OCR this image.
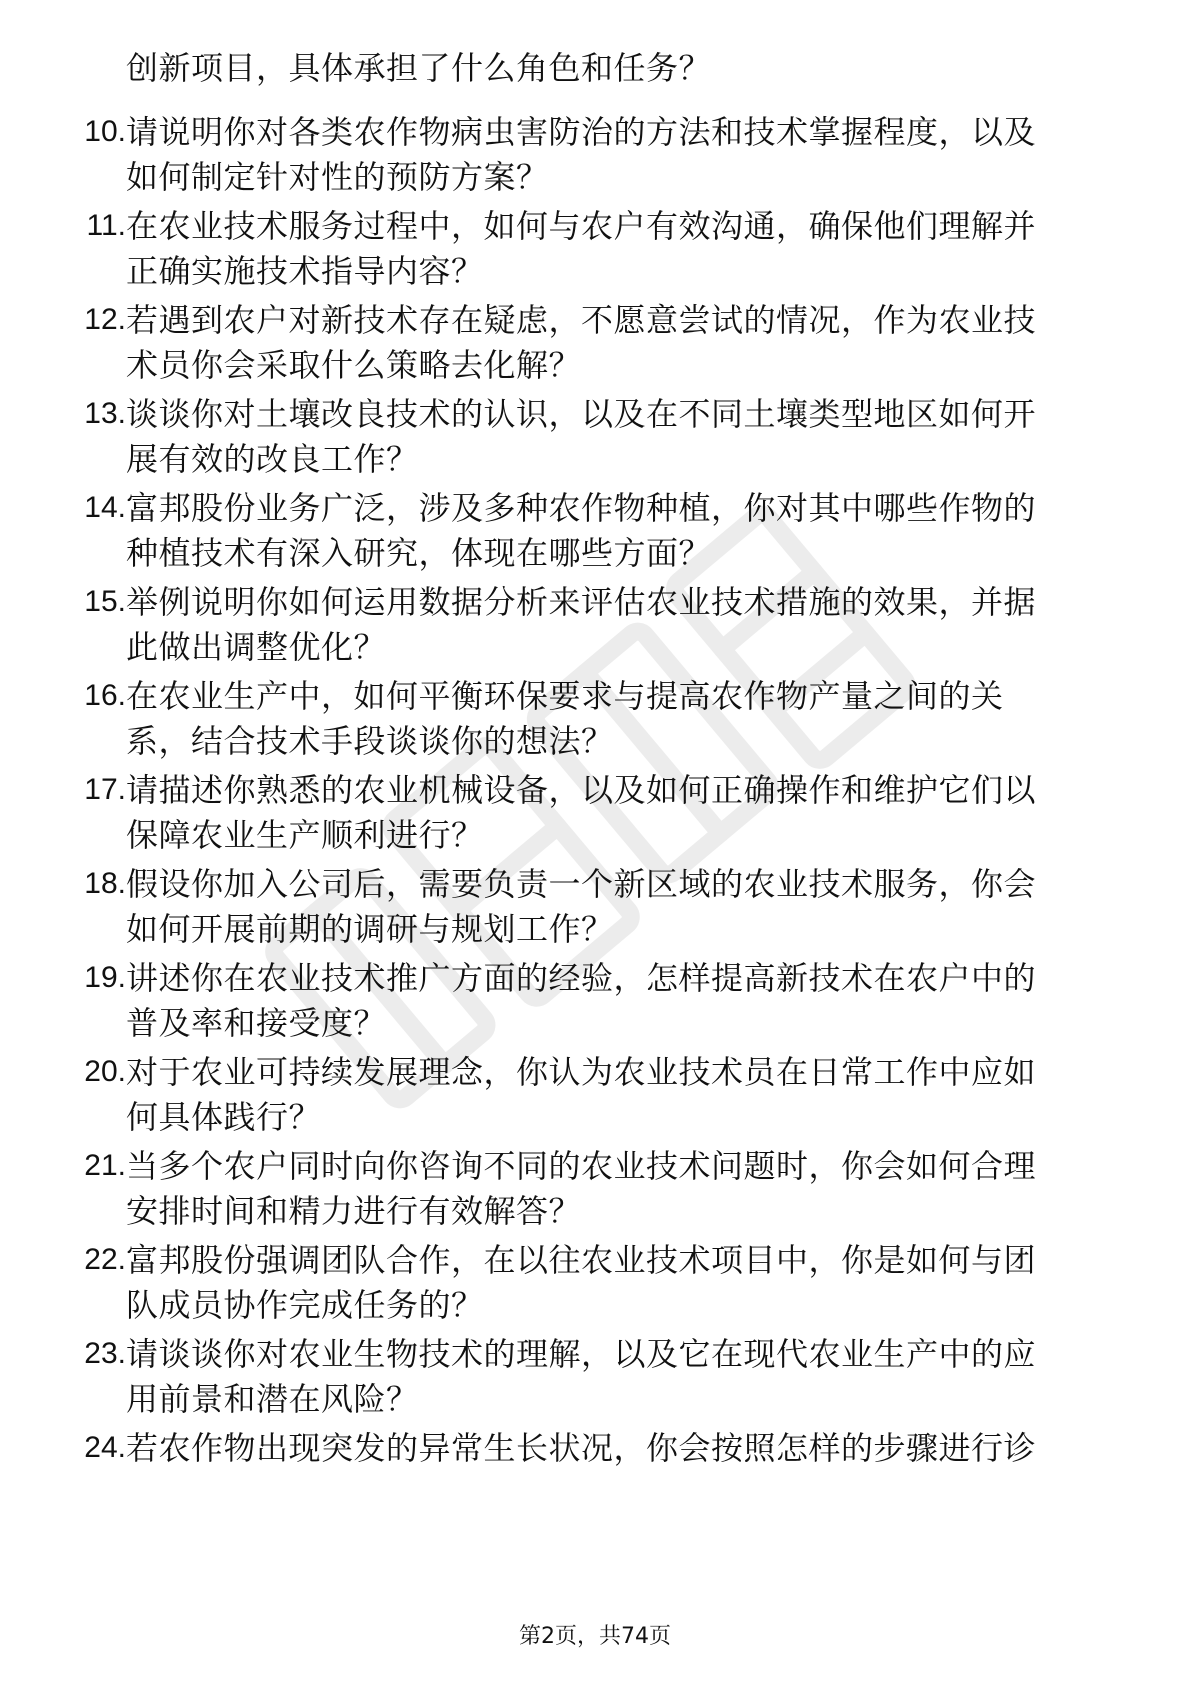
创新项目，具体承担了什么角色和任务？
10. 请说明你对各类农作物病虫害防治的方法和技术掌握程度，以及
如何制定针对性的预防方案？
11. 在农业技术服务过程中，如何与农户有效沟通，确保他们理解并
正确实施技术指导内容？
12. 若遇到农户对新技术存在疑虑，不愿意尝试的情况，作为农业技
术员你会采取什么策略去化解？
13. 谈谈你对土壤改良技术的认识，以及在不同土壤类型地区如何开
展有效的改良工作？
14. 富邦股份业务广泛，涉及多种农作物种植，你对其中哪些作物的
种植技术有深入研究，体现在哪些方面？
15. 举例说明你如何运用数据分析来评估农业技术措施的效果，并据
此做出调整优化？
16. 在农业生产中，如何平衡环保要求与提高农作物产量之间的关
系，结合技术手段谈谈你的想法？
17. 请描述你熟悉的农业机械设备，以及如何正确操作和维护它们以
保障农业生产顺利进行？
18. 假设你加入公司后，需要负责一个新区域的农业技术服务，你会
如何开展前期的调研与规划工作？
19. 讲述你在农业技术推广方面的经验，怎样提高新技术在农户中的
普及率和接受度？
20. 对于农业可持续发展理念，你认为农业技术员在日常工作中应如
何具体践行？
21. 当多个农户同时向你咨询不同的农业技术问题时，你会如何合理
安排时间和精力进行有效解答？
22. 富邦股份强调团队合作，在以往农业技术项目中，你是如何与团
队成员协作完成任务的？
23. 请谈谈你对农业生物技术的理解，以及它在现代农业生产中的应
用前景和潜在风险？
24. 若农作物出现突发的异常生长状况，你会按照怎样的步骤进行诊
第2页，共74页
